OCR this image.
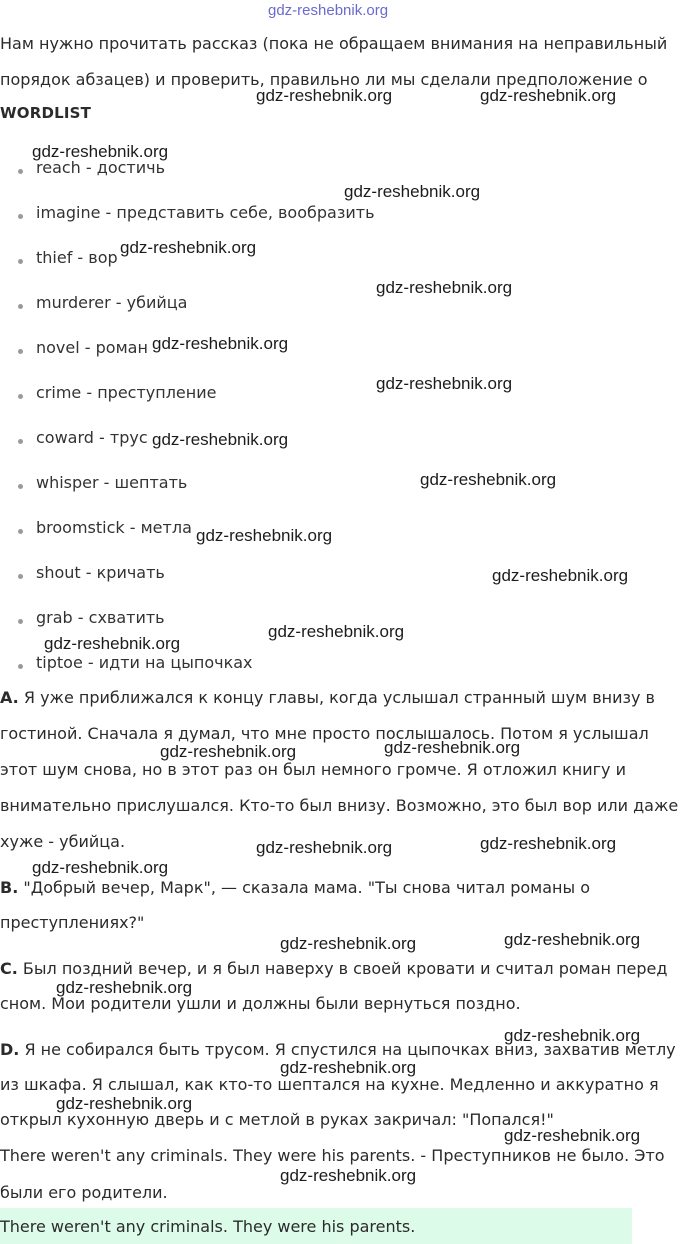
gdz-reshebnik.org
Нам нужно прочитать рассказ (пока не обращаем внимания на неправильный
порядок абзацев) и проверить, правильно ли мы сделали предположение о
WORDLIST
reach - достичь
imagine - представить себе, вообразить
thief - вор
murderer - убийца
novel - роман
crime - преступление
coward - трус
whisper - шептать
broomstick - метла
shout - кричать
grab - схватить
tiptoe - идти на цыпочках
A. Я уже приближался к концу главы, когда услышал странный шум внизу в
гостиной. Сначала я думал, что мне просто послышалось. Потом я услышал
этот шум снова, но в этот раз он был немного громче. Я отложил книгу и
внимательно прислушался. Кто-то был внизу. Возможно, это был вор или даже
хуже - убийца.
B. "Добрый вечер, Марк", — сказала мама. "Ты снова читал романы о
преступлениях?"
C. Был поздний вечер, и я был наверху в своей кровати и считал роман перед
сном. Мои родители ушли и должны были вернуться поздно.
D. Я не собирался быть трусом. Я спустился на цыпочках вниз, захватив метлу
из шкафа. Я слышал, как кто-то шептался на кухне. Медленно и аккуратно я
открыл кухонную дверь и с метлой в руках закричал: "Попался!"
There weren't any criminals. They were his parents. - Преступников не было. Это
были его родители.
There weren't any criminals. They were his parents.
gdz-reshebnik.org	gdz-reshebnik.org
gdz-reshebnik.org
gdz-reshebnik.org
gdz-reshebnik.org
gdz-reshebnik.org
gdz-reshebnik.org
gdz-reshebnik.org
gdz-reshebnik.org
gdz-reshebnik.org
gdz-reshebnik.org
gdz-reshebnik.org
gdz-reshebnik.org
gdz-reshebnik.org
gdz-reshebnik.org	gdz-reshebnik.org
gdz-reshebnik.org	gdz-reshebnik.org
gdz-reshebnik.org
gdz-reshebnik.org	gdz-reshebnik.org
gdz-reshebnik.org
gdz-reshebnik.org
gdz-reshebnik.org
gdz-reshebnik.org
gdz-reshebnik.org
gdz-reshebnik.org
